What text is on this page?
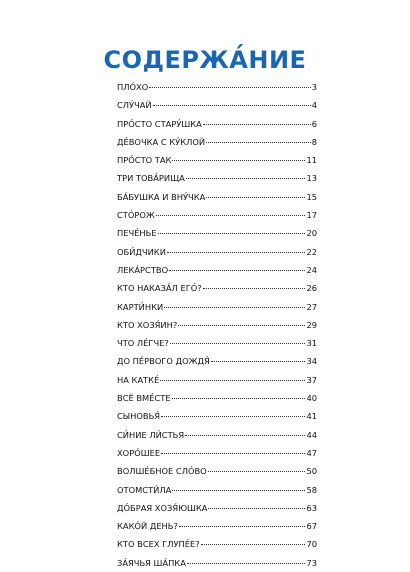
СОДЕРЖА́НИЕ
ПЛО́ХО	3
СЛУ́ЧАЙ	4
ПРО́СТО СТАРУ́ШКА	6
ДЕ́ВОЧКА С КУ́КЛОЙ	8
ПРО́СТО ТАК	11
ТРИ ТОВА́РИЩА	13
БА́БУШКА И ВНУ́ЧКА	15
СТО́РОЖ	17
ПЕЧЕ́НЬЕ	20
ОБИ́ДЧИКИ	22
ЛЕКА́РСТВО	24
КТО НАКАЗА́Л ЕГО́?	26
КАРТИ́НКИ	27
КТО ХОЗЯ́ИН?	29
ЧТО ЛЕ́ГЧЕ?	31
ДО ПЕ́РВОГО ДОЖДЯ́	34
НА КАТКЕ́	37
ВСЁ ВМЕ́СТЕ	40
СЫНОВЬЯ́	41
СИ́НИЕ ЛИ́СТЬЯ	44
ХОРО́ШЕЕ	47
ВОЛШЕ́БНОЕ СЛО́ВО	50
ОТОМСТИ́ЛА	58
ДО́БРАЯ ХОЗЯ́ЮШКА	63
КАКО́Й ДЕНЬ?	67
КТО ВСЕХ ГЛУПЕ́Е?	70
ЗА́ЯЧЬЯ ША́ПКА	73
